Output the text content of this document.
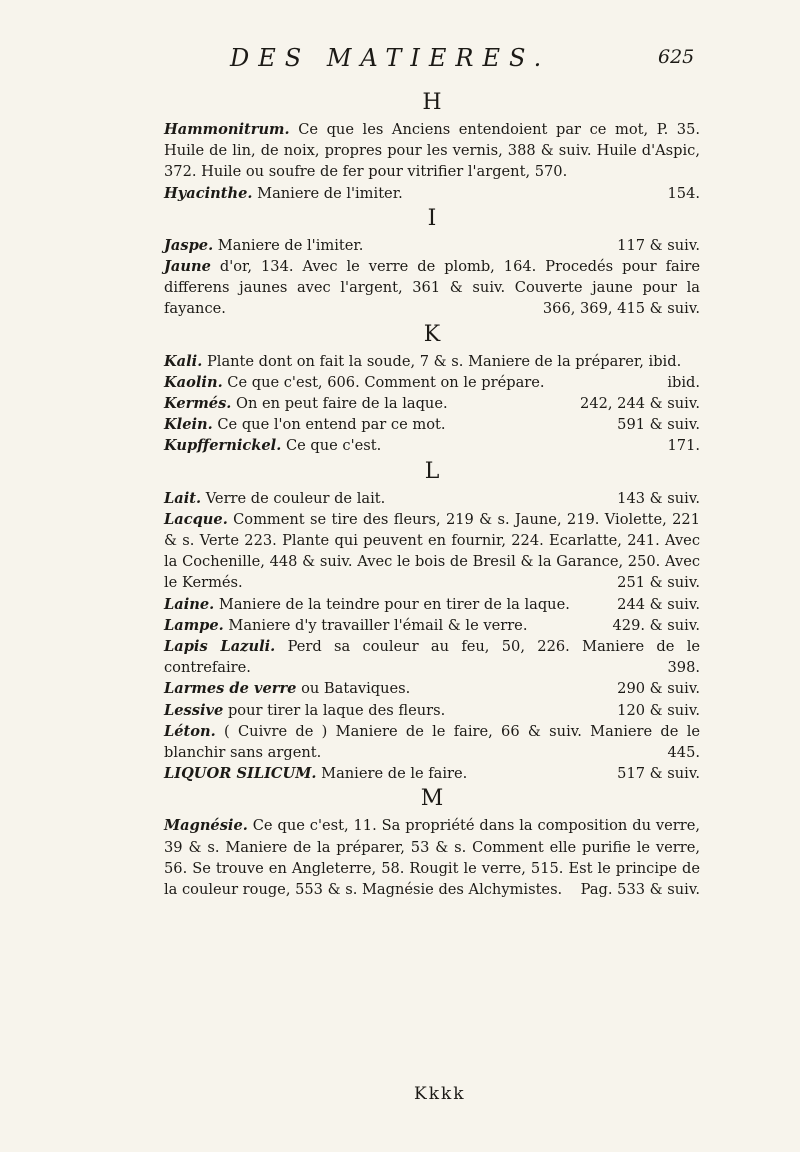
DES MATIERES.	625
H
Hammonitrum. Ce que les Anciens entendoient par ce mot, P. 35. Huile de lin, de noix, propres pour les vernis, 388 & suiv. Huile d'Aspic, 372. Huile ou soufre de fer pour vitrifier l'argent, 570.
Hyacinthe. Maniere de l'imiter.	154.
I
Jaspe. Maniere de l'imiter.	117 & suiv.
Jaune d'or, 134. Avec le verre de plomb, 164. Procedés pour faire differens jaunes avec l'argent, 361 & suiv. Couverte jaune pour la fayance.	366, 369, 415 & suiv.
K
Kali. Plante dont on fait la soude, 7 & s. Maniere de la préparer, ibid.
Kaolin. Ce que c'est, 606. Comment on le prépare.	ibid.
Kermés. On en peut faire de la laque.	242, 244 & suiv.
Klein. Ce que l'on entend par ce mot.	591 & suiv.
Kupffernickel. Ce que c'est.	171.
L
Lait. Verre de couleur de lait.	143 & suiv.
Lacque. Comment se tire des fleurs, 219 & s. Jaune, 219. Violette, 221 & s. Verte 223. Plante qui peuvent en fournir, 224. Ecarlatte, 241. Avec la Cochenille, 448 & suiv. Avec le bois de Bresil & la Garance, 250. Avec le Kermés.	251 & suiv.
Laine. Maniere de la teindre pour en tirer de la laque.	244 & suiv.
Lampe. Maniere d'y travailler l'émail & le verre.	429. & suiv.
Lapis Lazuli. Perd sa couleur au feu, 50, 226. Maniere de le contrefaire.	398.
Larmes de verre ou Bataviques.	290 & suiv.
Lessive pour tirer la laque des fleurs.	120 & suiv.
Léton. ( Cuivre de ) Maniere de le faire, 66 & suiv. Maniere de le blanchir sans argent.	445.
LIQUOR SILICUM. Maniere de le faire.	517 & suiv.
M
Magnésie. Ce que c'est, 11. Sa propriété dans la composition du verre, 39 & s. Maniere de la préparer, 53 & s. Comment elle purifie le verre, 56. Se trouve en Angleterre, 58. Rougit le verre, 515. Est le principe de la couleur rouge, 553 & s. Magnésie des Alchymistes. Pag. 533 & suiv.
Kkkk
